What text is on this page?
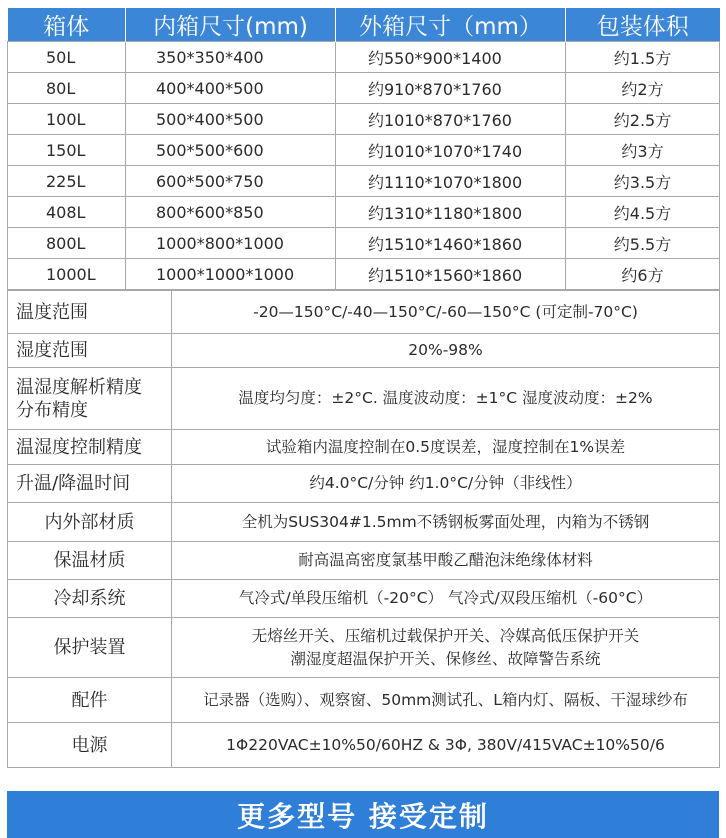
箱体	内箱尺寸(mm)	外箱尺寸（mm）	包装体积
50L	350*350*400	约550*900*1400	约1.5方
80L	400*400*500	约910*870*1760	约2方
100L	500*400*500	约1010*870*1760	约2.5方
150L	500*500*600	约1010*1070*1740	约3方
225L	600*500*750	约1110*1070*1800	约3.5方
408L	800*600*850	约1310*1180*1800	约4.5方
800L	1000*800*1000	约1510*1460*1860	约5.5方
1000L	1000*1000*1000	约1510*1560*1860	约6方
温度范围	-20—150°C/-40—150°C/-60—150°C (可定制-70°C)

湿度范围	20%-98%

温湿度解析精度
分布精度	温度均匀度：±2°C. 温度波动度：±1°C 湿度波动度：±2%

温湿度控制精度	试验箱内温度控制在0.5度误差，湿度控制在1%误差

升温/降温时间	约4.0°C/分钟 约1.0°C/分钟（非线性）

内外部材质	全机为SUS304#1.5mm不锈钢板雾面处理，内箱为不锈钢

保温材质	耐高温高密度氯基甲酸乙醋泡沫绝缘体材料

冷却系统	气冷式/单段压缩机（-20°C） 气冷式/双段压缩机（-60°C）

保护装置	无熔丝开关、压缩机过载保护开关、冷媒高低压保护开关
潮湿度超温保护开关、保修丝、故障警告系统

配件	记录器（选购）、观察窗、50mm测试孔、L箱内灯、隔板、干湿球纱布

电源	1Φ220VAC±10%50/60HZ & 3Φ, 380V/415VAC±10%50/6
更多型号 接受定制
